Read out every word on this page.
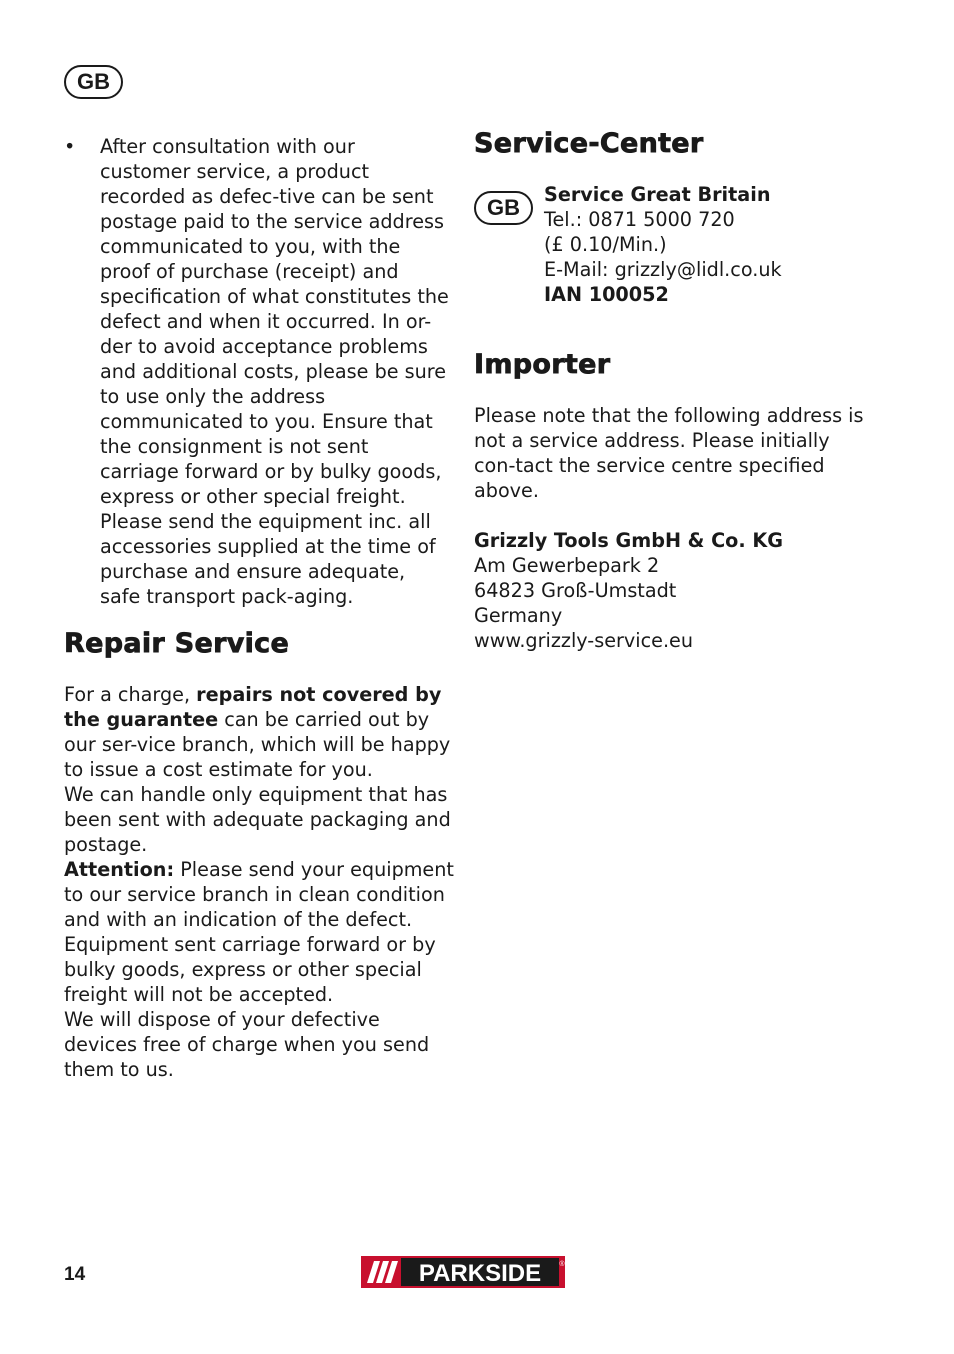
GB
•	After consultation with our customer service, a product recorded as defec-tive can be sent postage paid to the service address communicated to you, with the proof of purchase (receipt) and specification of what constitutes the defect and when it occurred. In or-der to avoid acceptance problems and additional costs, please be sure to use only the address communicated to you. Ensure that the consignment is not sent carriage forward or by bulky goods, express or other special freight. Please send the equipment inc. all accessories supplied at the time of purchase and ensure adequate, safe transport pack-aging.
Repair Service

For a charge, repairs not covered by the guarantee can be carried out by our ser-vice branch, which will be happy to issue a cost estimate for you.

We can handle only equipment that has been sent with adequate packaging and postage.

Attention: Please send your equipment to our service branch in clean condition and with an indication of the defect.

Equipment sent carriage forward or by bulky goods, express or other special freight will not be accepted.

We will dispose of your defective devices free of charge when you send them to us.

Service-Center
Service Great Britain
Tel.: 0871 5000 720
(£ 0.10/Min.)
E-Mail: grizzly@lidl.co.uk
IAN 100052
Importer

Please note that the following address is not a service address. Please initially con-tact the service centre specified above.

Grizzly Tools GmbH & Co. KG
Am Gewerbepark 2
64823 Groß-Umstadt
Germany
www.grizzly-service.eu
GB
14	PARKSIDE	®
